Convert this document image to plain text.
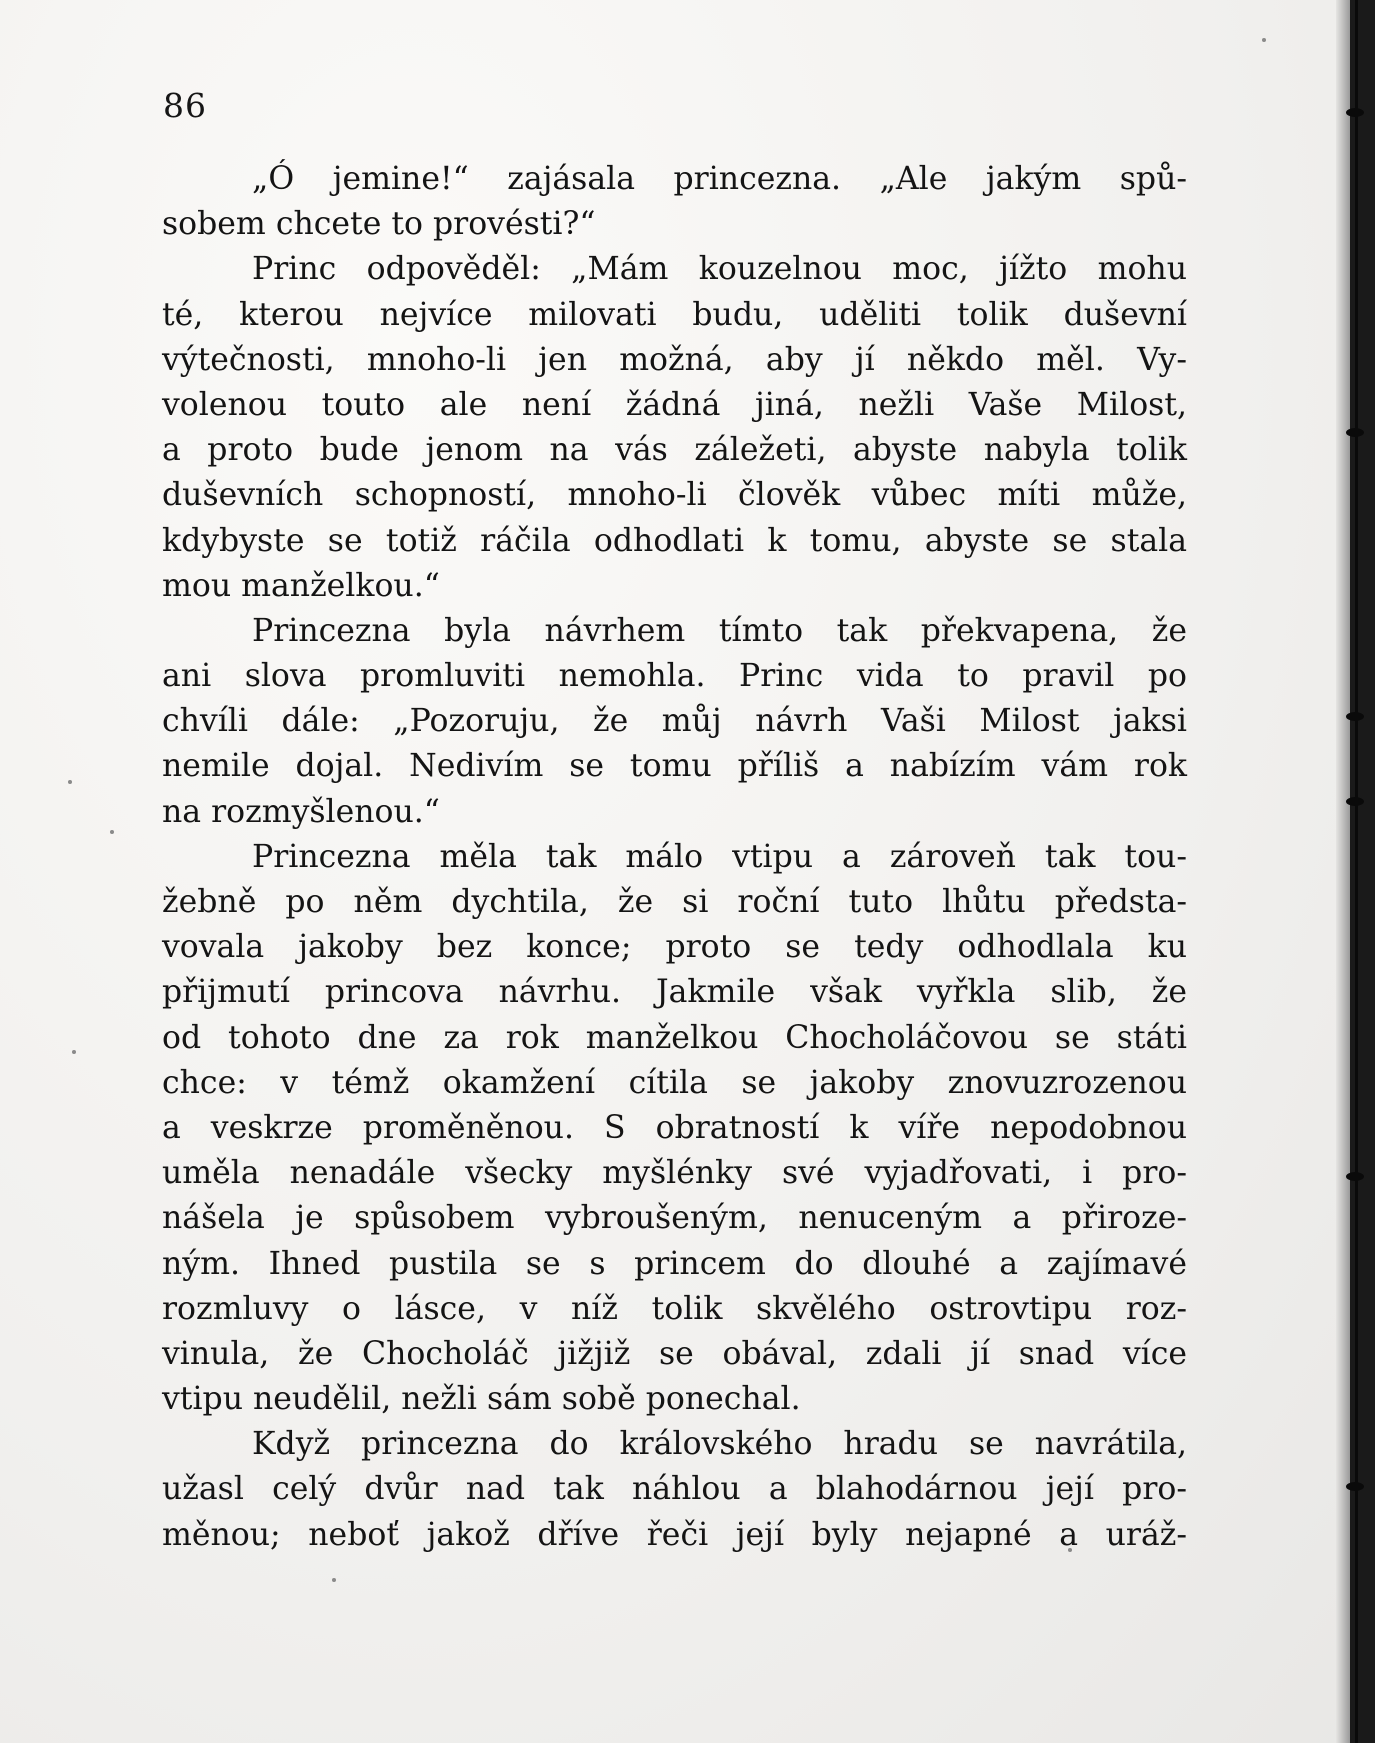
86
„Ó jemine!“ zajásala princezna. „Ale jakým spů-
sobem chcete to provésti?“
Princ odpověděl: „Mám kouzelnou moc, jížto mohu
té, kterou nejvíce milovati budu, uděliti tolik duševní
výtečnosti, mnoho-li jen možná, aby jí někdo měl. Vy-
volenou touto ale není žádná jiná, nežli Vaše Milost,
a proto bude jenom na vás záležeti, abyste nabyla tolik
duševních schopností, mnoho-li člověk vůbec míti může,
kdybyste se totiž ráčila odhodlati k tomu, abyste se stala
mou manželkou.“
Princezna byla návrhem tímto tak překvapena, že
ani slova promluviti nemohla. Princ vida to pravil po
chvíli dále: „Pozoruju, že můj návrh Vaši Milost jaksi
nemile dojal. Nedivím se tomu příliš a nabízím vám rok
na rozmyšlenou.“
Princezna měla tak málo vtipu a zároveň tak tou-
žebně po něm dychtila, že si roční tuto lhůtu předsta-
vovala jakoby bez konce; proto se tedy odhodlala ku
přijmutí princova návrhu. Jakmile však vyřkla slib, že
od tohoto dne za rok manželkou Chocholáčovou se státi
chce: v témž okamžení cítila se jakoby znovuzrozenou
a veskrze proměněnou. S obratností k víře nepodobnou
uměla nenadále všecky myšlénky své vyjadřovati, i pro-
nášela je spůsobem vybroušeným, nenuceným a přiroze-
ným. Ihned pustila se s princem do dlouhé a zajímavé
rozmluvy o lásce, v níž tolik skvělého ostrovtipu roz-
vinula, že Chocholáč jižjiž se obával, zdali jí snad více
vtipu neudělil, nežli sám sobě ponechal.
Když princezna do královského hradu se navrátila,
užasl celý dvůr nad tak náhlou a blahodárnou její pro-
měnou; neboť jakož dříve řeči její byly nejapné a uráž-
